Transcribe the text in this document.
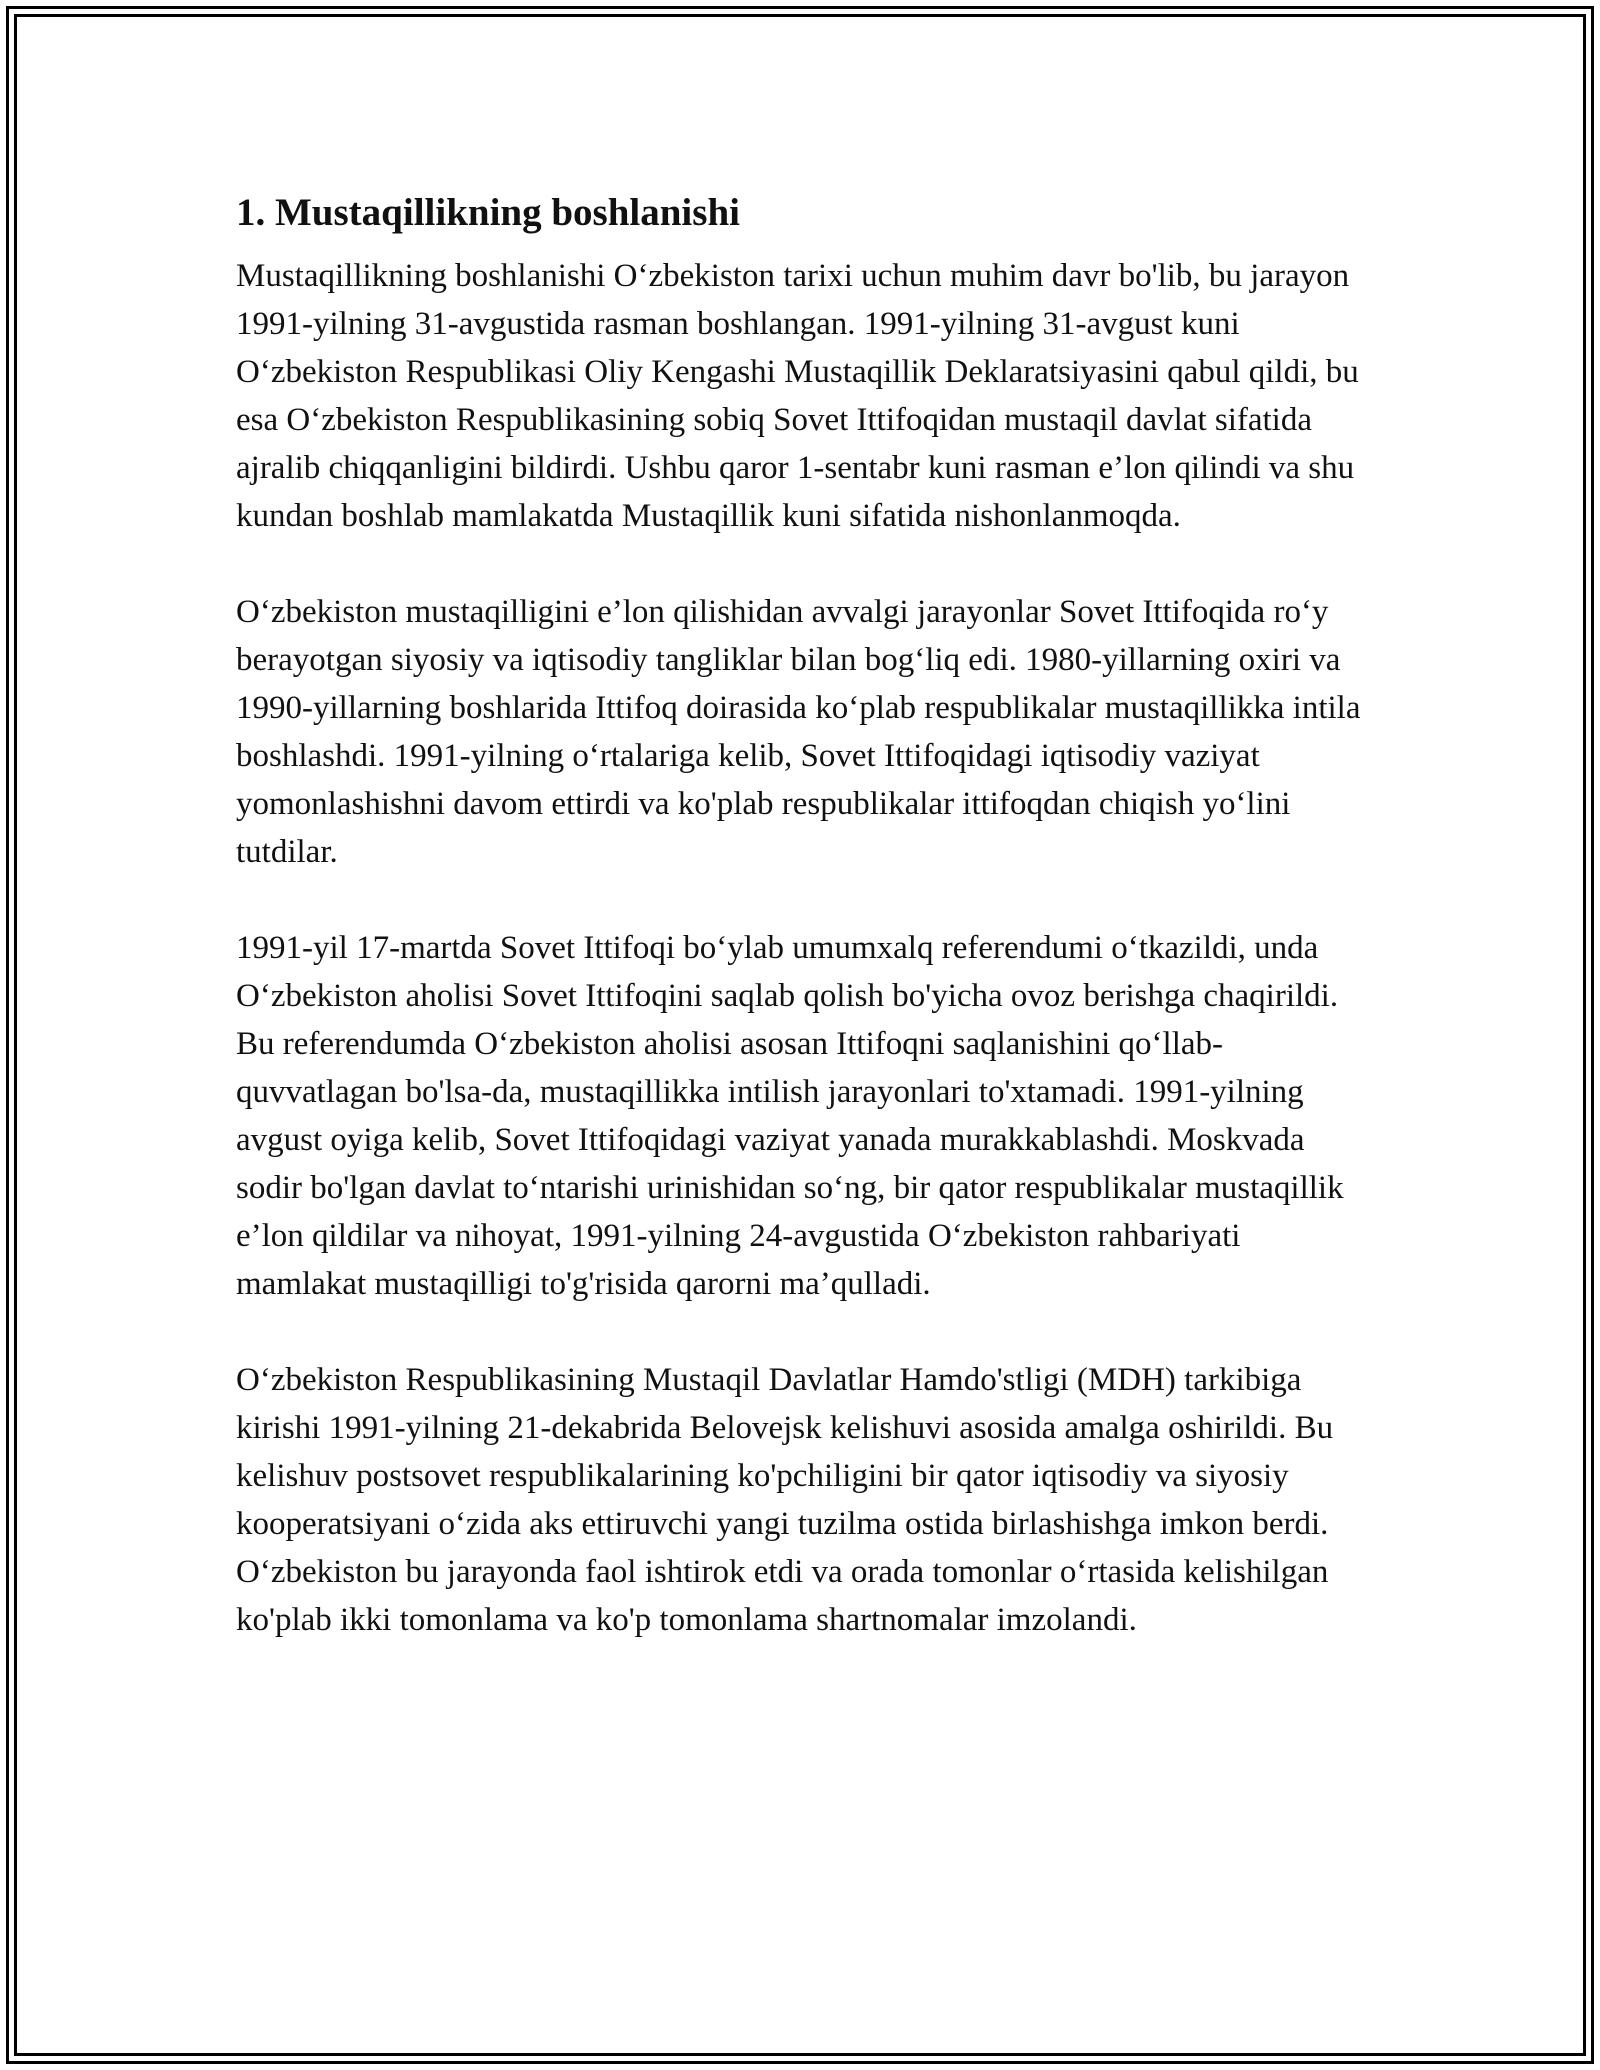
1. Mustaqillikning boshlanishi

Mustaqillikning boshlanishi O‘zbekiston tarixi uchun muhim davr bo'lib, bu jarayon 1991-yilning 31-avgustida rasman boshlangan. 1991-yilning 31-avgust kuni O‘zbekiston Respublikasi Oliy Kengashi Mustaqillik Deklaratsiyasini qabul qildi, bu esa O‘zbekiston Respublikasining sobiq Sovet Ittifoqidan mustaqil davlat sifatida ajralib chiqqanligini bildirdi. Ushbu qaror 1-sentabr kuni rasman e’lon qilindi va shu kundan boshlab mamlakatda Mustaqillik kuni sifatida nishonlanmoqda.

O‘zbekiston mustaqilligini e’lon qilishidan avvalgi jarayonlar Sovet Ittifoqida ro‘y berayotgan siyosiy va iqtisodiy tangliklar bilan bog‘liq edi. 1980-yillarning oxiri va 1990-yillarning boshlarida Ittifoq doirasida ko‘plab respublikalar mustaqillikka intila boshlashdi. 1991-yilning o‘rtalariga kelib, Sovet Ittifoqidagi iqtisodiy vaziyat yomonlashishni davom ettirdi va ko'plab respublikalar ittifoqdan chiqish yo‘lini tutdilar.

1991-yil 17-martda Sovet Ittifoqi bo‘ylab umumxalq referendumi o‘tkazildi, unda O‘zbekiston aholisi Sovet Ittifoqini saqlab qolish bo'yicha ovoz berishga chaqirildi. Bu referendumda O‘zbekiston aholisi asosan Ittifoqni saqlanishini qo‘llab-quvvatlagan bo'lsa-da, mustaqillikka intilish jarayonlari to'xtamadi. 1991-yilning avgust oyiga kelib, Sovet Ittifoqidagi vaziyat yanada murakkablashdi. Moskvada sodir bo'lgan davlat to‘ntarishi urinishidan so‘ng, bir qator respublikalar mustaqillik e’lon qildilar va nihoyat, 1991-yilning 24-avgustida O‘zbekiston rahbariyati mamlakat mustaqilligi to'g'risida qarorni ma’qulladi.

O‘zbekiston Respublikasining Mustaqil Davlatlar Hamdo'stligi (MDH) tarkibiga kirishi 1991-yilning 21-dekabrida Belovejsk kelishuvi asosida amalga oshirildi. Bu kelishuv postsovet respublikalarining ko'pchiligini bir qator iqtisodiy va siyosiy kooperatsiyani o‘zida aks ettiruvchi yangi tuzilma ostida birlashishga imkon berdi. O‘zbekiston bu jarayonda faol ishtirok etdi va orada tomonlar o‘rtasida kelishilgan ko'plab ikki tomonlama va ko'p tomonlama shartnomalar imzolandi.
